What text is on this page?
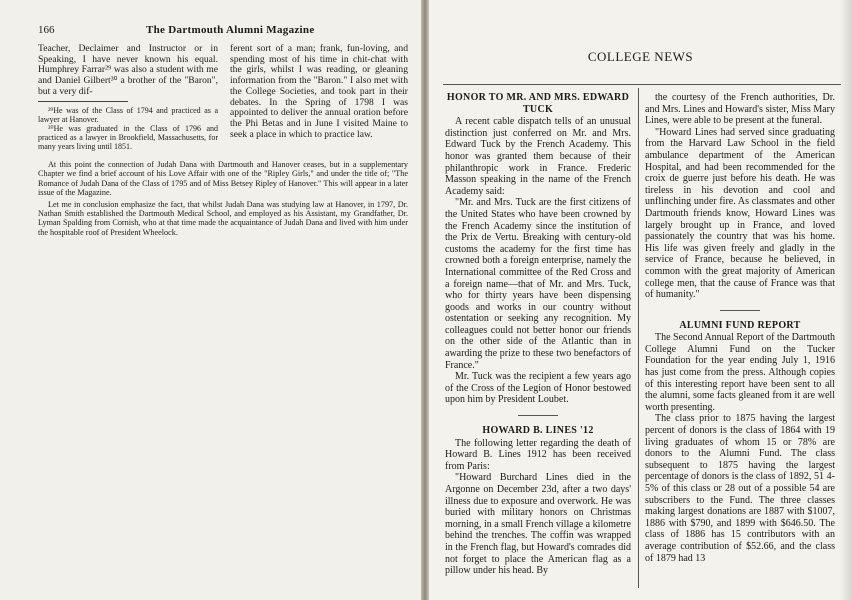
166	The Dartmouth Alumni Magazine

Teacher, Declaimer and Instructor or in Speaking, I have never known his equal. Humphrey Farrar²⁹ was also a student with me and Daniel Gilbert³⁰ a brother of the "Baron", but a very dif-

²⁹He was of the Class of 1794 and practiced as a lawyer at Hanover.

³⁰He was graduated in the Class of 1796 and practiced as a lawyer in Brookfield, Massachusetts, for many years living until 1851.

ferent sort of a man; frank, fun-loving, and spending most of his time in chit-chat with the girls, whilst I was reading, or gleaning information from the "Baron." I also met with the College Societies, and took part in their debates. In the Spring of 1798 I was appointed to deliver the annual oration before the Phi Betas and in June I visited Maine to seek a place in which to practice law.

At this point the connection of Judah Dana with Dartmouth and Hanover ceases, but in a supplementary Chapter we find a brief account of his Love Affair with one of the "Ripley Girls," and under the title of; "The Romance of Judah Dana of the Class of 1795 and of Miss Betsey Ripley of Hanover." This will appear in a later issue of the Magazine.

Let me in conclusion emphasize the fact, that whilst Judah Dana was studying law at Hanover, in 1797, Dr. Nathan Smith established the Dartmouth Medical School, and employed as his Assistant, my Grandfather, Dr. Lyman Spalding from Cornish, who at that time made the acquaintance of Judah Dana and lived with him under the hospitable roof of President Wheelock.

COLLEGE NEWS
HONOR TO MR. AND MRS. EDWARD TUCK

A recent cable dispatch tells of an unusual distinction just conferred on Mr. and Mrs. Edward Tuck by the French Academy. This honor was granted them because of their philanthropic work in France. Frederic Masson speaking in the name of the French Academy said:

"Mr. and Mrs. Tuck are the first citizens of the United States who have been crowned by the French Academy since the institution of the Prix de Vertu. Breaking with century-old customs the academy for the first time has crowned both a foreign enterprise, namely the International committee of the Red Cross and a foreign name—that of Mr. and Mrs. Tuck, who for thirty years have been dispensing goods and works in our country without ostentation or seeking any recognition. My colleagues could not better honor our friends on the other side of the Atlantic than in awarding the prize to these two benefactors of France."

Mr. Tuck was the recipient a few years ago of the Cross of the Legion of Honor bestowed upon him by President Loubet.

HOWARD B. LINES '12

The following letter regarding the death of Howard B. Lines 1912 has been received from Paris:

"Howard Burchard Lines died in the Argonne on December 23d, after a two days' illness due to exposure and overwork. He was buried with military honors on Christmas morning, in a small French village a kilometre behind the trenches. The coffin was wrapped in the French flag, but Howard's comrades did not forget to place the American flag as a pillow under his head. By

the courtesy of the French authorities, Dr. and Mrs. Lines and Howard's sister, Miss Mary Lines, were able to be present at the funeral.

"Howard Lines had served since graduating from the Harvard Law School in the field ambulance department of the American Hospital, and had been recommended for the croix de guerre just before his death. He was tireless in his devotion and cool and unflinching under fire. As classmates and other Dartmouth friends know, Howard Lines was largely brought up in France, and loved passionately the country that was his home. His life was given freely and gladly in the service of France, because he believed, in common with the great majority of American college men, that the cause of France was that of humanity."

ALUMNI FUND REPORT

The Second Annual Report of the Dartmouth College Alumni Fund on the Tucker Foundation for the year ending July 1, 1916 has just come from the press. Although copies of this interesting report have been sent to all the alumni, some facts gleaned from it are well worth presenting.

The class prior to 1875 having the largest percent of donors is the class of 1864 with 19 living graduates of whom 15 or 78% are donors to the Alumni Fund. The class subsequent to 1875 having the largest percentage of donors is the class of 1892, 51 4-5% of this class or 28 out of a possible 54 are subscribers to the Fund. The three classes making largest donations are 1887 with $1007, 1886 with $790, and 1899 with $646.50. The class of 1886 has 15 contributors with an average contribution of $52.66, and the class of 1879 had 13
